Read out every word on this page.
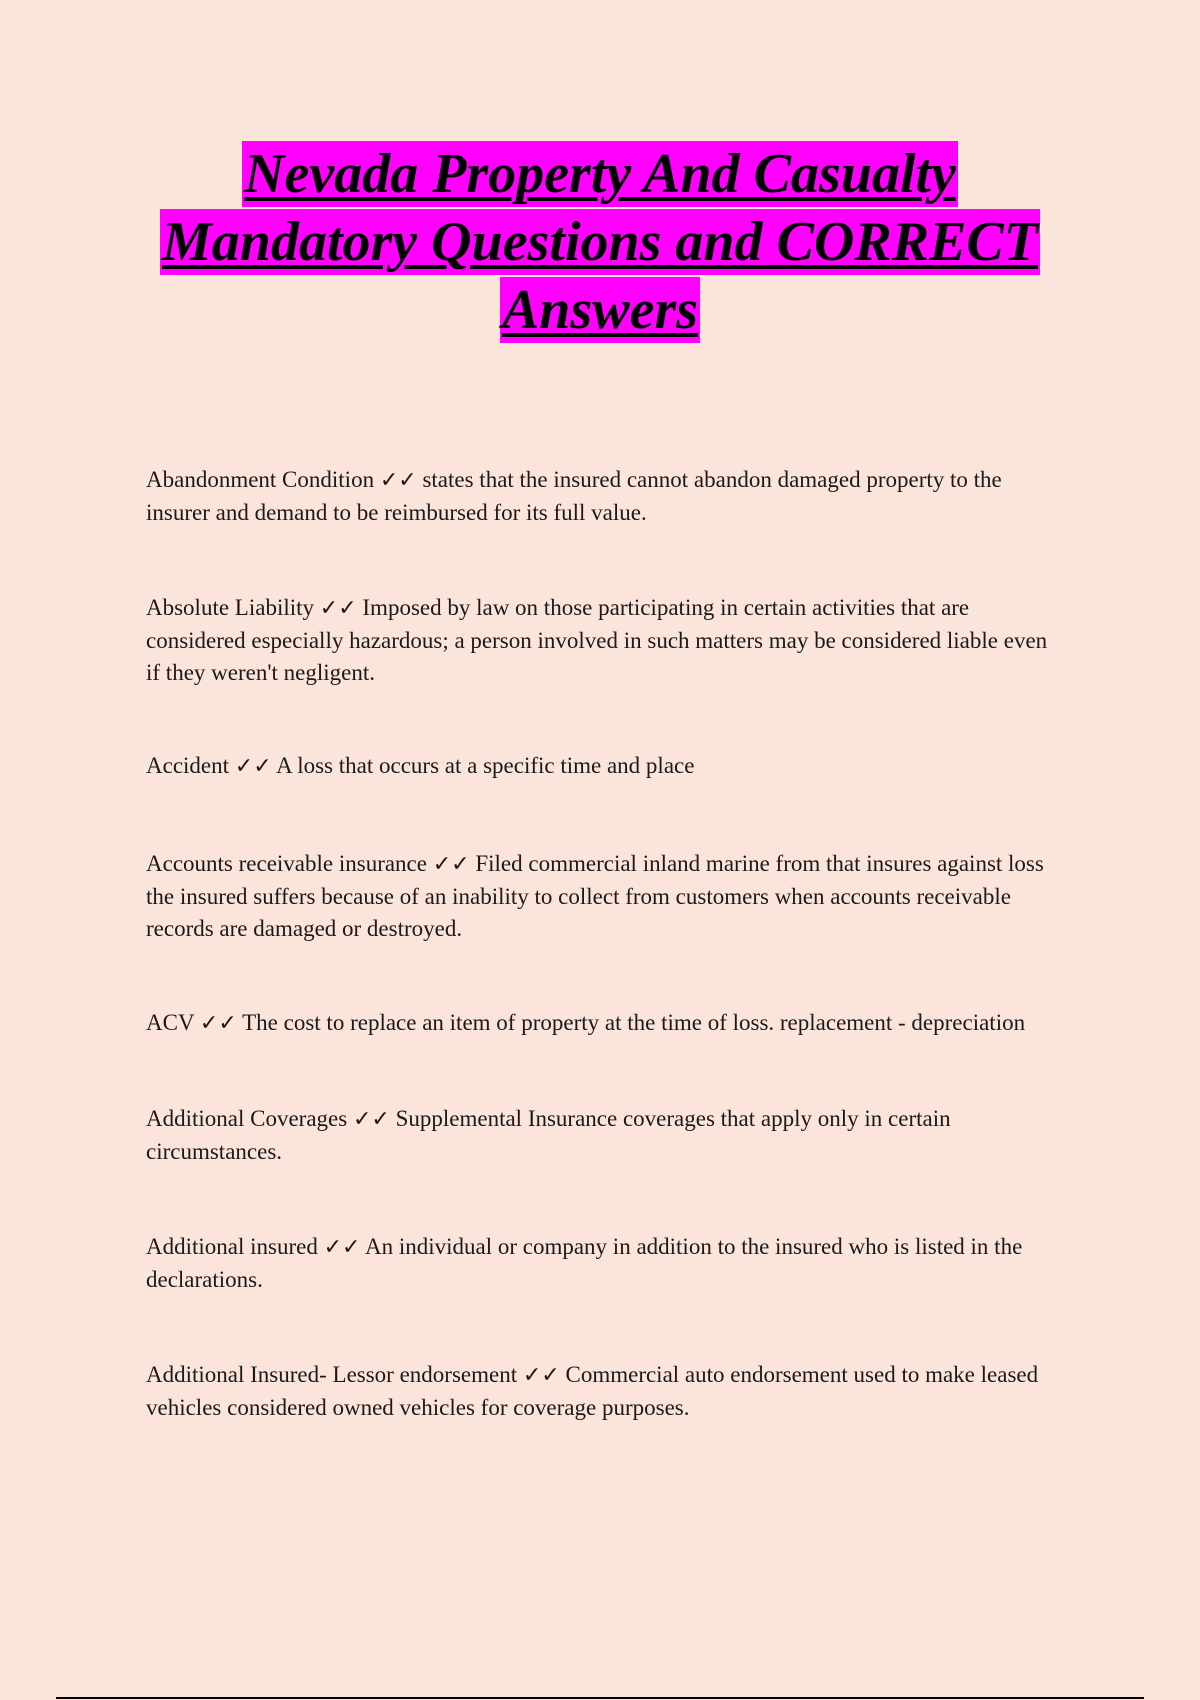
Nevada Property And Casualty
Mandatory Questions and CORRECT
Answers

Abandonment Condition ✓✓ states that the insured cannot abandon damaged property to the insurer and demand to be reimbursed for its full value.

Absolute Liability ✓✓ Imposed by law on those participating in certain activities that are considered especially hazardous; a person involved in such matters may be considered liable even if they weren't negligent.

Accident ✓✓ A loss that occurs at a specific time and place

Accounts receivable insurance ✓✓ Filed commercial inland marine from that insures against loss the insured suffers because of an inability to collect from customers when accounts receivable records are damaged or destroyed.

ACV ✓✓ The cost to replace an item of property at the time of loss. replacement - depreciation

Additional Coverages ✓✓ Supplemental Insurance coverages that apply only in certain circumstances.

Additional insured ✓✓ An individual or company in addition to the insured who is listed in the declarations.

Additional Insured- Lessor endorsement ✓✓ Commercial auto endorsement used to make leased vehicles considered owned vehicles for coverage purposes.
